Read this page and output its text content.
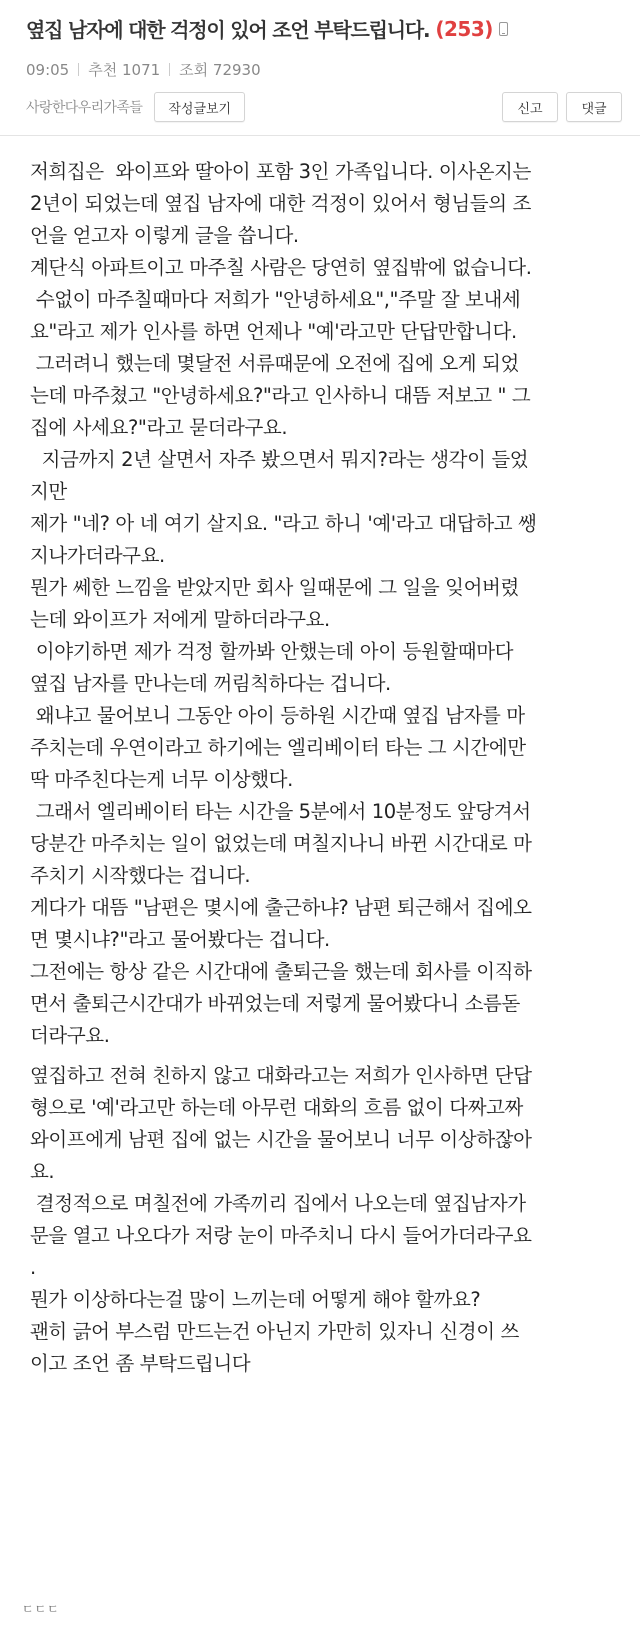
옆집 남자에 대한 걱정이 있어 조언 부탁드립니다. (253)
09:05 추천 1071 조회 72930
사랑한다우리가족들	작성글보기	신고	댓글

저희집은  와이프와 딸아이 포함 3인 가족입니다. 이사온지는

2년이 되었는데 옆집 남자에 대한 걱정이 있어서 형님들의 조

언을 얻고자 이렇게 글을 씁니다.

계단식 아파트이고 마주칠 사람은 당연히 옆집밖에 없습니다.

수없이 마주칠때마다 저희가 "안녕하세요","주말 잘 보내세

요"라고 제가 인사를 하면 언제나 "예'라고만 단답만합니다.

그러려니 했는데 몇달전 서류때문에 오전에 집에 오게 되었

는데 마주쳤고 "안녕하세요?"라고 인사하니 대뜸 저보고 " 그

집에 사세요?"라고 묻더라구요.

지금까지 2년 살면서 자주 봤으면서 뭐지?라는 생각이 들었

지만

제가 "네? 아 네 여기 살지요. "라고 하니 '예'라고 대답하고 쌩

지나가더라구요.

뭔가 쎄한 느낌을 받았지만 회사 일때문에 그 일을 잊어버렸

는데 와이프가 저에게 말하더라구요.

이야기하면 제가 걱정 할까봐 안했는데 아이 등원할때마다

옆집 남자를 만나는데 꺼림칙하다는 겁니다.

왜냐고 물어보니 그동안 아이 등하원 시간때 옆집 남자를 마

주치는데 우연이라고 하기에는 엘리베이터 타는 그 시간에만

딱 마주친다는게 너무 이상했다.

그래서 엘리베이터 타는 시간을 5분에서 10분정도 앞당겨서

당분간 마주치는 일이 없었는데 며칠지나니 바뀐 시간대로 마

주치기 시작했다는 겁니다.

게다가 대뜸 "남편은 몇시에 출근하냐? 남편 퇴근해서 집에오

면 몇시냐?"라고 물어봤다는 겁니다.

그전에는 항상 같은 시간대에 출퇴근을 했는데 회사를 이직하

면서 출퇴근시간대가 바뀌었는데 저렇게 물어봤다니 소름돋

더라구요.

옆집하고 전혀 친하지 않고 대화라고는 저희가 인사하면 단답

형으로 '예'라고만 하는데 아무런 대화의 흐름 없이 다짜고짜

와이프에게 남편 집에 없는 시간을 물어보니 너무 이상하잖아

요.

결정적으로 며칠전에 가족끼리 집에서 나오는데 옆집남자가

문을 열고 나오다가 저랑 눈이 마주치니 다시 들어가더라구요

.

뭔가 이상하다는걸 많이 느끼는데 어떻게 해야 할까요?

괜히 긁어 부스럼 만드는건 아닌지 가만히 있자니 신경이 쓰

이고 조언 좀 부탁드립니다

ㄷㄷㄷ
